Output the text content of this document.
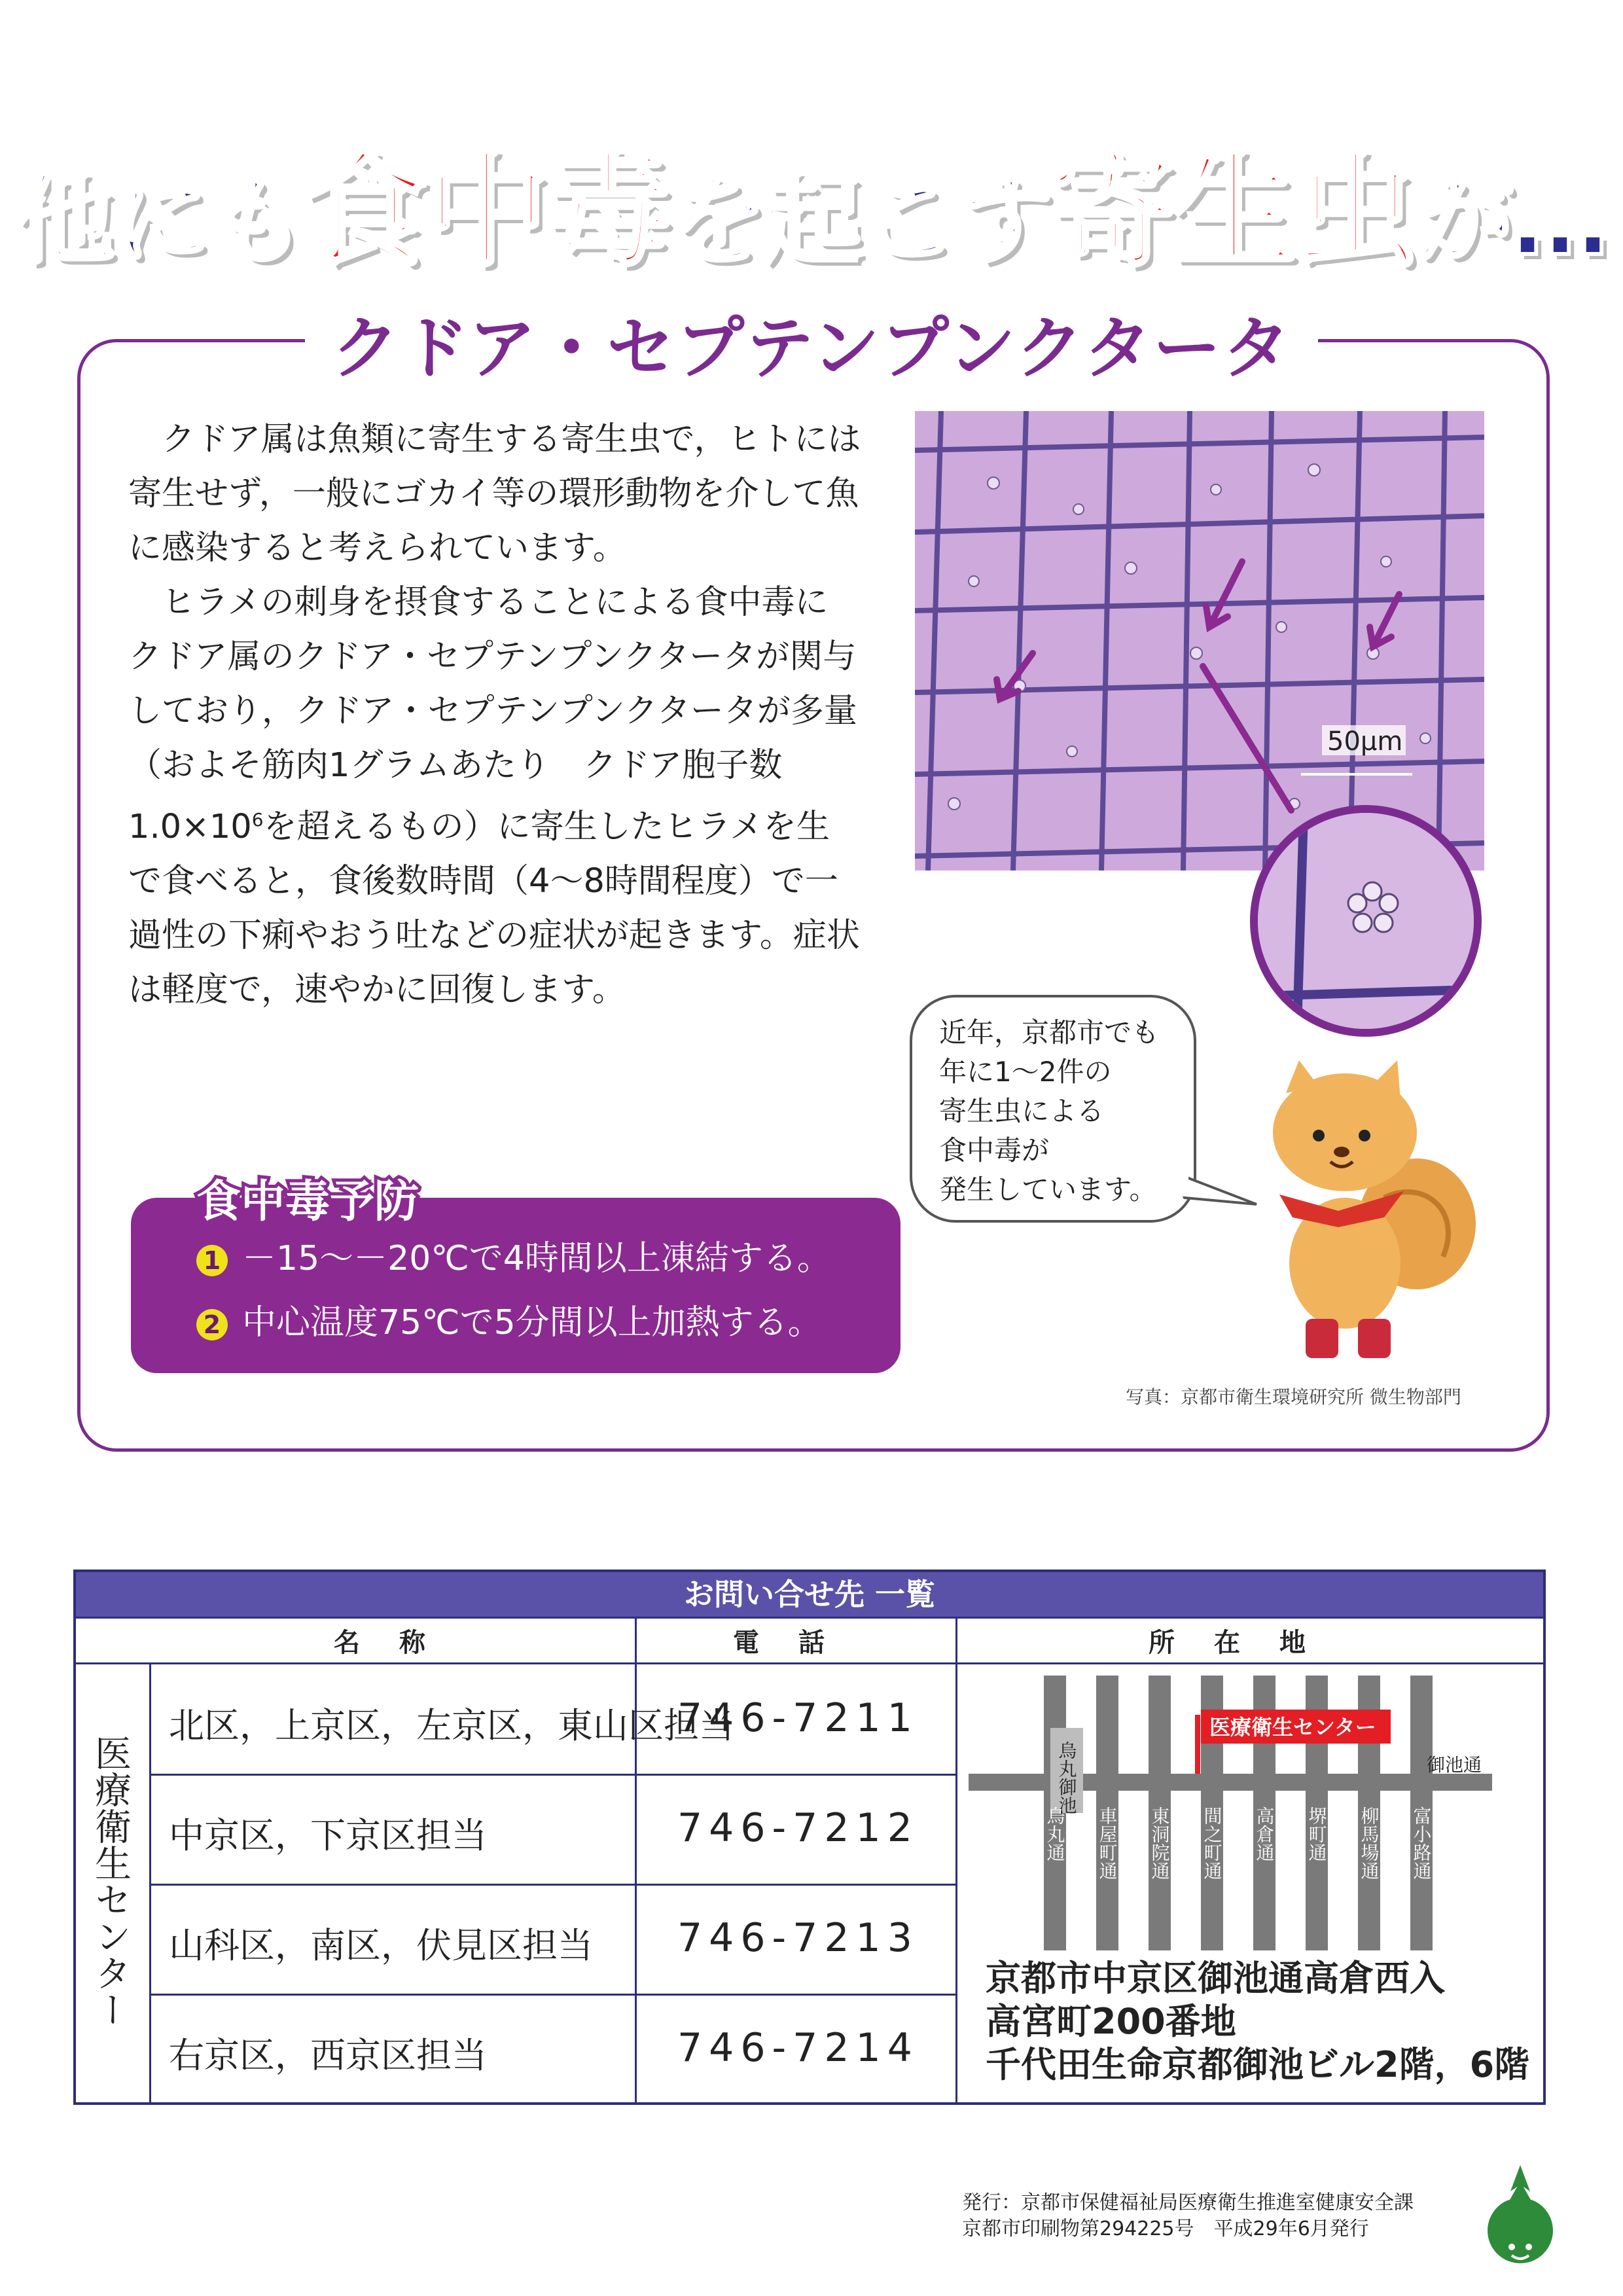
他にも食中毒を起こす寄生虫が…
クドア・セプテンプンクタータ

クドア属は魚類に寄生する寄生虫で，ヒトには寄生せず，一般にゴカイ等の環形動物を介して魚に感染すると考えられています。

ヒラメの刺身を摂食することによる食中毒にクドア属のクドア・セプテンプンクタータが関与しており，クドア・セプテンプンクタータが多量（およそ筋肉1グラムあたり　クドア胞子数$1.0\times 10^6$を超えるもの）に寄生したヒラメを生で食べると，食後数時間（4～8時間程度）で一過性の下痢やおう吐などの症状が起きます。症状は軽度で，速やかに回復します。

50μm
近年，京都市でも
年に1～2件の
寄生虫による
食中毒が
発生しています。
食中毒予防
1 －15～－20℃で4時間以上凍結する。
2 中心温度75℃で5分間以上加熱する。
写真：京都市衛生環境研究所 微生物部門
お問い合せ先 一覧
名称	電話	所在地
医療衛生センター
北区，上京区，左京区，東山区担当
中京区，下京区担当
山科区，南区，伏見区担当
右京区，西京区担当
746-7211
746-7212
746-7213
746-7214
医療衛生センター
御池通
烏丸御池
烏丸通 車屋町通 東洞院通 間之町通 高倉通 堺町通 柳馬場通 富小路通
京都市中京区御池通高倉西入
高宮町200番地
千代田生命京都御池ビル2階，6階
発行：京都市保健福祉局医療衛生推進室健康安全課
京都市印刷物第294225号　平成29年6月発行
